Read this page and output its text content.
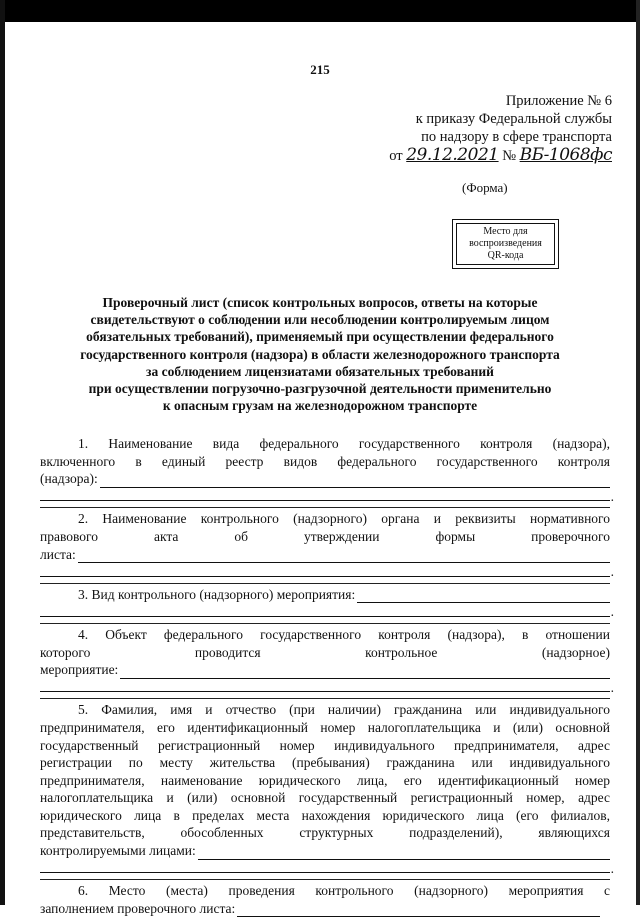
215
Приложение № 6
к приказу Федеральной службы
по надзору в сфере транспорта
от 29.12.2021 № ВБ-1068фс
(Форма)
Место для
воспроизведения
QR-кода
Проверочный лист (список контрольных вопросов, ответы на которые
свидетельствуют о соблюдении или несоблюдении контролируемым лицом
обязательных требований), применяемый при осуществлении федерального
государственного контроля (надзора) в области железнодорожного транспорта
за соблюдением лицензиатами обязательных требований
при осуществлении погрузочно-разгрузочной деятельности применительно
к опасным грузам на железнодорожном транспорте
1. Наименование вида федерального государственного контроля (надзора),
включенного в единый реестр видов федерального государственного контроля
(надзора):
.
2. Наименование контрольного (надзорного) органа и реквизиты нормативного
правового акта об утверждении формы проверочного
листа:
.
3. Вид контрольного (надзорного) мероприятия:
.
4. Объект федерального государственного контроля (надзора), в отношении
которого проводится контрольное (надзорное)
мероприятие:
.
5. Фамилия, имя и отчество (при наличии) гражданина или индивидуального
предпринимателя, его идентификационный номер налогоплательщика и (или) основной
государственный регистрационный номер индивидуального предпринимателя, адрес
регистрации по месту жительства (пребывания) гражданина или индивидуального
предпринимателя, наименование юридического лица, его идентификационный номер
налогоплательщика и (или) основной государственный регистрационный номер, адрес
юридического лица в пределах места нахождения юридического лица (его филиалов,
представительств, обособленных структурных подразделений), являющихся
контролируемыми лицами:
.
6. Место (места) проведения контрольного (надзорного) мероприятия с
заполнением проверочного листа:
